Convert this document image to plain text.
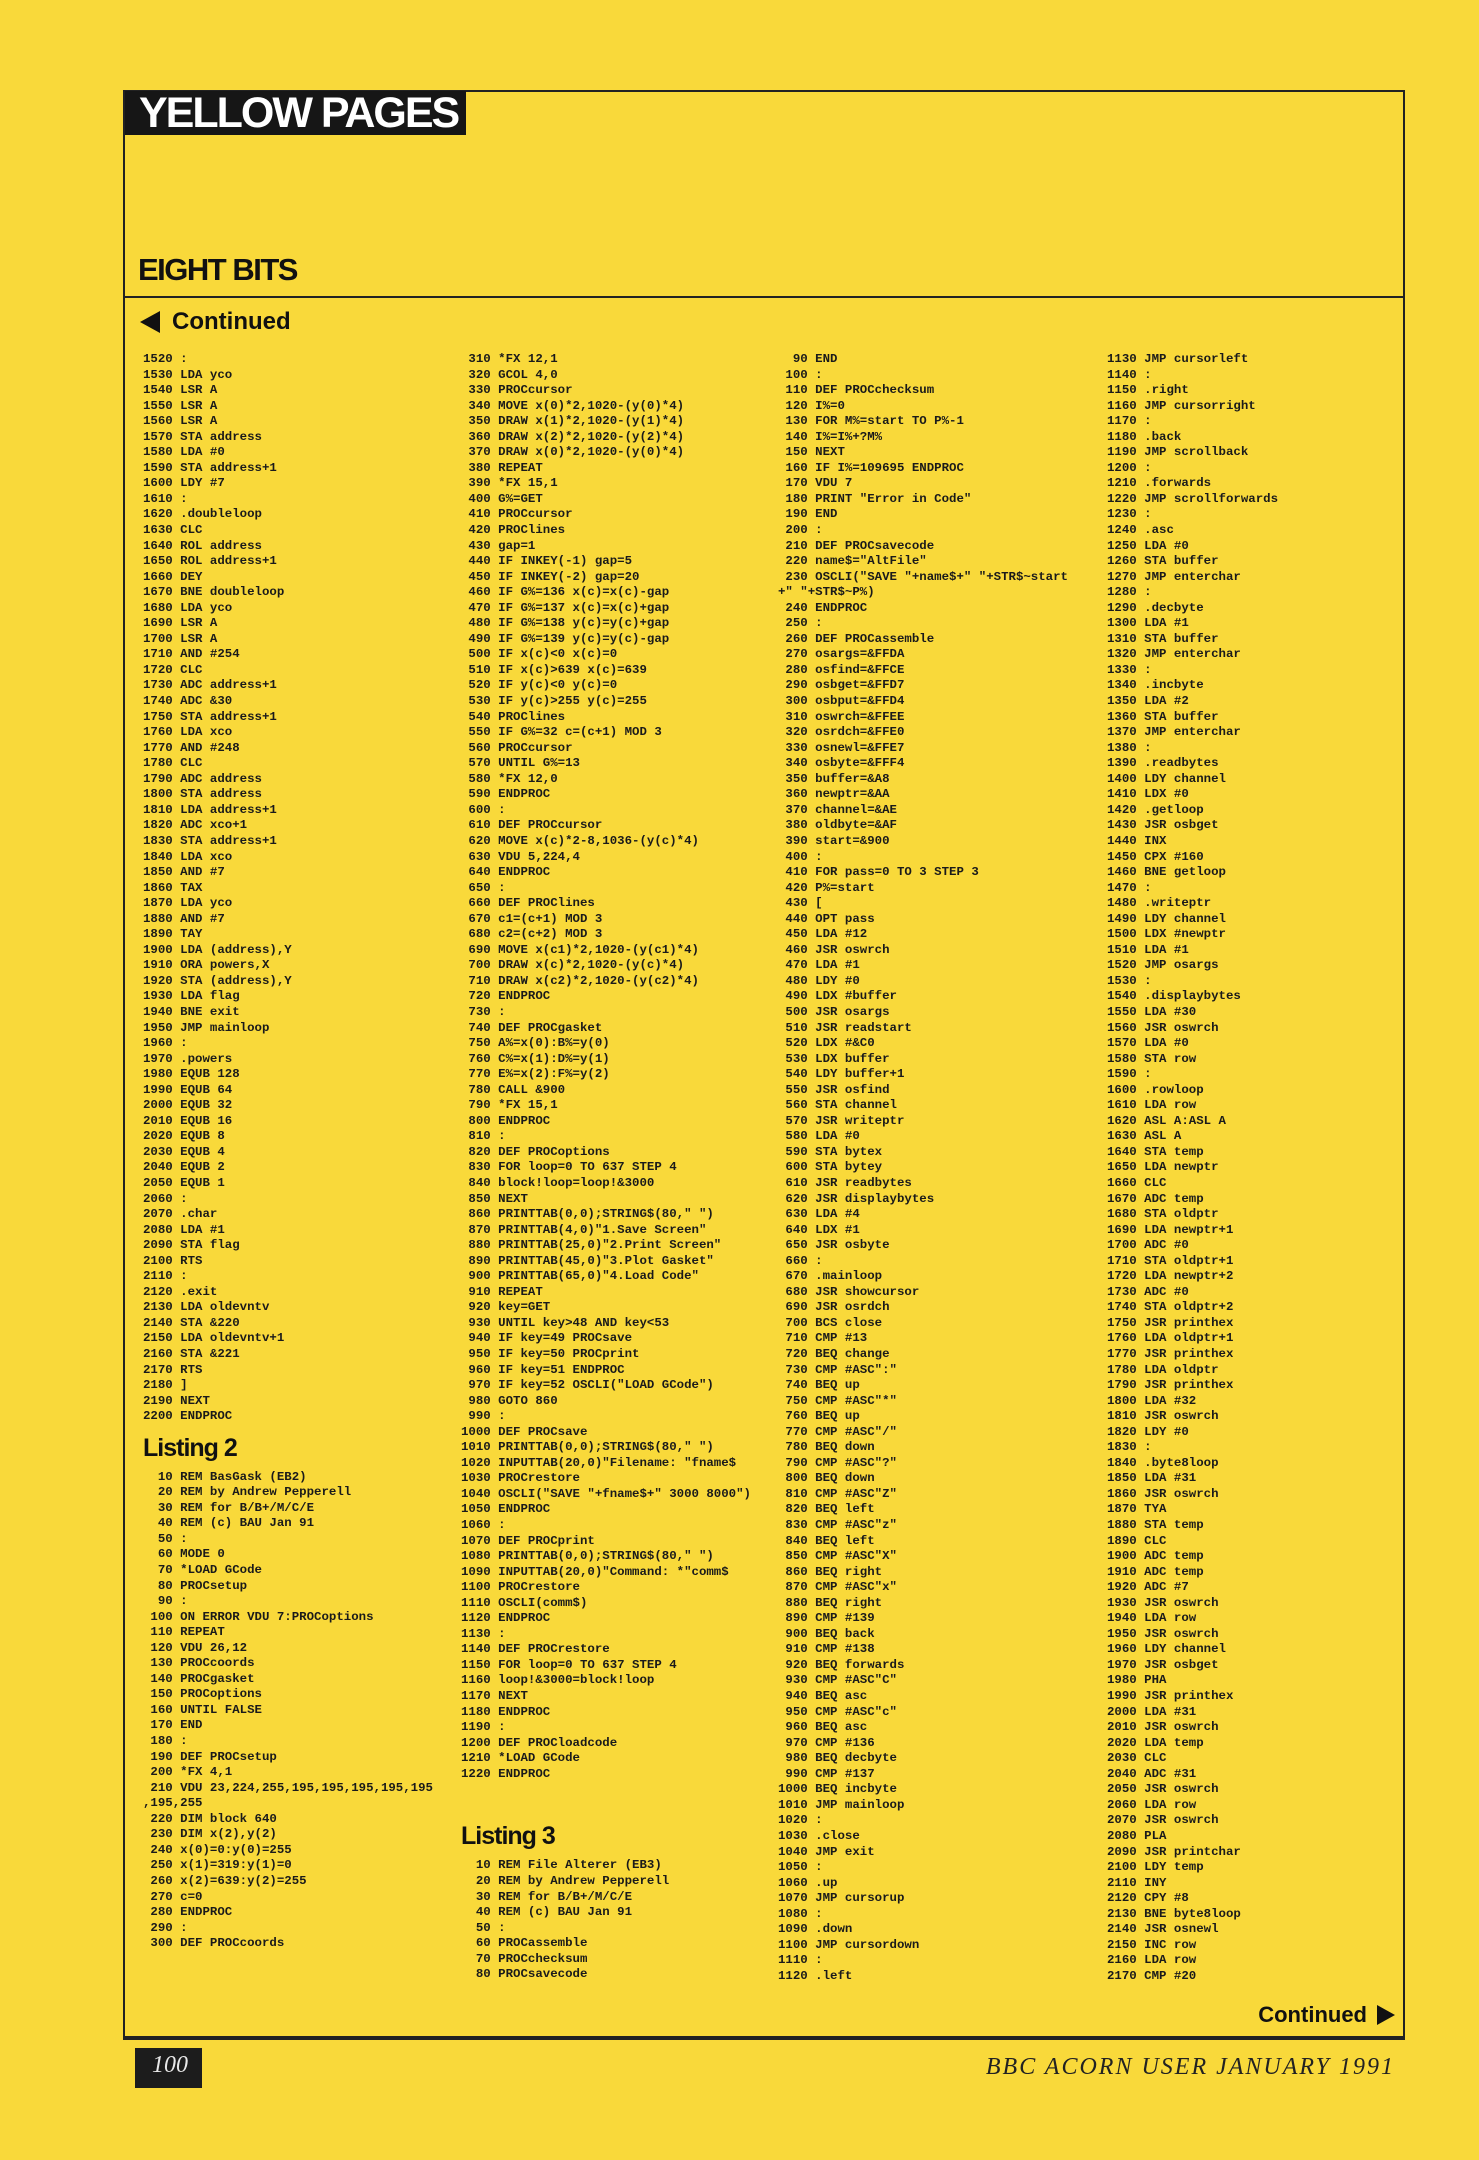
YELLOW PAGES
EIGHT BITS
Continued
1520 :
1530 LDA yco
1540 LSR A
1550 LSR A
1560 LSR A
1570 STA address
1580 LDA #0
1590 STA address+1
1600 LDY #7
1610 :
1620 .doubleloop
1630 CLC
1640 ROL address
1650 ROL address+1
1660 DEY
1670 BNE doubleloop
1680 LDA yco
1690 LSR A
1700 LSR A
1710 AND #254
1720 CLC
1730 ADC address+1
1740 ADC &30
1750 STA address+1
1760 LDA xco
1770 AND #248
1780 CLC
1790 ADC address
1800 STA address
1810 LDA address+1
1820 ADC xco+1
1830 STA address+1
1840 LDA xco
1850 AND #7
1860 TAX
1870 LDA yco
1880 AND #7
1890 TAY
1900 LDA (address),Y
1910 ORA powers,X
1920 STA (address),Y
1930 LDA flag
1940 BNE exit
1950 JMP mainloop
1960 :
1970 .powers
1980 EQUB 128
1990 EQUB 64
2000 EQUB 32
2010 EQUB 16
2020 EQUB 8
2030 EQUB 4
2040 EQUB 2
2050 EQUB 1
2060 :
2070 .char
2080 LDA #1
2090 STA flag
2100 RTS
2110 :
2120 .exit
2130 LDA oldevntv
2140 STA &220
2150 LDA oldevntv+1
2160 STA &221
2170 RTS
2180 ]
2190 NEXT
2200 ENDPROC
Listing 2
10 REM BasGask (EB2)
20 REM by Andrew Pepperell
30 REM for B/B+/M/C/E
40 REM (c) BAU Jan 91
50 :
60 MODE 0
70 *LOAD GCode
80 PROCsetup
90 :
100 ON ERROR VDU 7:PROCoptions
110 REPEAT
120 VDU 26,12
130 PROCcoords
140 PROCgasket
150 PROCoptions
160 UNTIL FALSE
170 END
180 :
190 DEF PROCsetup
200 *FX 4,1
210 VDU 23,224,255,195,195,195,195,195
,195,255
220 DIM block 640
230 DIM x(2),y(2)
240 x(0)=0:y(0)=255
250 x(1)=319:y(1)=0
260 x(2)=639:y(2)=255
270 c=0
280 ENDPROC
290 :
300 DEF PROCcoords
310 *FX 12,1
320 GCOL 4,0
330 PROCcursor
340 MOVE x(0)*2,1020-(y(0)*4)
350 DRAW x(1)*2,1020-(y(1)*4)
360 DRAW x(2)*2,1020-(y(2)*4)
370 DRAW x(0)*2,1020-(y(0)*4)
380 REPEAT
390 *FX 15,1
400 G%=GET
410 PROCcursor
420 PROClines
430 gap=1
440 IF INKEY(-1) gap=5
450 IF INKEY(-2) gap=20
460 IF G%=136 x(c)=x(c)-gap
470 IF G%=137 x(c)=x(c)+gap
480 IF G%=138 y(c)=y(c)+gap
490 IF G%=139 y(c)=y(c)-gap
500 IF x(c)<0 x(c)=0
510 IF x(c)>639 x(c)=639
520 IF y(c)<0 y(c)=0
530 IF y(c)>255 y(c)=255
540 PROClines
550 IF G%=32 c=(c+1) MOD 3
560 PROCcursor
570 UNTIL G%=13
580 *FX 12,0
590 ENDPROC
600 :
610 DEF PROCcursor
620 MOVE x(c)*2-8,1036-(y(c)*4)
630 VDU 5,224,4
640 ENDPROC
650 :
660 DEF PROClines
670 c1=(c+1) MOD 3
680 c2=(c+2) MOD 3
690 MOVE x(c1)*2,1020-(y(c1)*4)
700 DRAW x(c)*2,1020-(y(c)*4)
710 DRAW x(c2)*2,1020-(y(c2)*4)
720 ENDPROC
730 :
740 DEF PROCgasket
750 A%=x(0):B%=y(0)
760 C%=x(1):D%=y(1)
770 E%=x(2):F%=y(2)
780 CALL &900
790 *FX 15,1
800 ENDPROC
810 :
820 DEF PROCoptions
830 FOR loop=0 TO 637 STEP 4
840 block!loop=loop!&3000
850 NEXT
860 PRINTTAB(0,0);STRING$(80," ")
870 PRINTTAB(4,0)"1.Save Screen"
880 PRINTTAB(25,0)"2.Print Screen"
890 PRINTTAB(45,0)"3.Plot Gasket"
900 PRINTTAB(65,0)"4.Load Code"
910 REPEAT
920 key=GET
930 UNTIL key>48 AND key<53
940 IF key=49 PROCsave
950 IF key=50 PROCprint
960 IF key=51 ENDPROC
970 IF key=52 OSCLI("LOAD GCode")
980 GOTO 860
990 :
1000 DEF PROCsave
1010 PRINTTAB(0,0);STRING$(80," ")
1020 INPUTTAB(20,0)"Filename: "fname$
1030 PROCrestore
1040 OSCLI("SAVE "+fname$+" 3000 8000")
1050 ENDPROC
1060 :
1070 DEF PROCprint
1080 PRINTTAB(0,0);STRING$(80," ")
1090 INPUTTAB(20,0)"Command: *"comm$
1100 PROCrestore
1110 OSCLI(comm$)
1120 ENDPROC
1130 :
1140 DEF PROCrestore
1150 FOR loop=0 TO 637 STEP 4
1160 loop!&3000=block!loop
1170 NEXT
1180 ENDPROC
1190 :
1200 DEF PROCloadcode
1210 *LOAD GCode
1220 ENDPROC
Listing 3
10 REM File Alterer (EB3)
20 REM by Andrew Pepperell
30 REM for B/B+/M/C/E
40 REM (c) BAU Jan 91
50 :
60 PROCassemble
70 PROCchecksum
80 PROCsavecode
90 END
100 :
110 DEF PROCchecksum
120 I%=0
130 FOR M%=start TO P%-1
140 I%=I%+?M%
150 NEXT
160 IF I%=109695 ENDPROC
170 VDU 7
180 PRINT "Error in Code"
190 END
200 :
210 DEF PROCsavecode
220 name$="AltFile"
230 OSCLI("SAVE "+name$+" "+STR$~start
+" "+STR$~P%)
240 ENDPROC
250 :
260 DEF PROCassemble
270 osargs=&FFDA
280 osfind=&FFCE
290 osbget=&FFD7
300 osbput=&FFD4
310 oswrch=&FFEE
320 osrdch=&FFE0
330 osnewl=&FFE7
340 osbyte=&FFF4
350 buffer=&A8
360 newptr=&AA
370 channel=&AE
380 oldbyte=&AF
390 start=&900
400 :
410 FOR pass=0 TO 3 STEP 3
420 P%=start
430 [
440 OPT pass
450 LDA #12
460 JSR oswrch
470 LDA #1
480 LDY #0
490 LDX #buffer
500 JSR osargs
510 JSR readstart
520 LDX #&C0
530 LDX buffer
540 LDY buffer+1
550 JSR osfind
560 STA channel
570 JSR writeptr
580 LDA #0
590 STA bytex
600 STA bytey
610 JSR readbytes
620 JSR displaybytes
630 LDA #4
640 LDX #1
650 JSR osbyte
660 :
670 .mainloop
680 JSR showcursor
690 JSR osrdch
700 BCS close
710 CMP #13
720 BEQ change
730 CMP #ASC":"
740 BEQ up
750 CMP #ASC"*"
760 BEQ up
770 CMP #ASC"/"
780 BEQ down
790 CMP #ASC"?"
800 BEQ down
810 CMP #ASC"Z"
820 BEQ left
830 CMP #ASC"z"
840 BEQ left
850 CMP #ASC"X"
860 BEQ right
870 CMP #ASC"x"
880 BEQ right
890 CMP #139
900 BEQ back
910 CMP #138
920 BEQ forwards
930 CMP #ASC"C"
940 BEQ asc
950 CMP #ASC"c"
960 BEQ asc
970 CMP #136
980 BEQ decbyte
990 CMP #137
1000 BEQ incbyte
1010 JMP mainloop
1020 :
1030 .close
1040 JMP exit
1050 :
1060 .up
1070 JMP cursorup
1080 :
1090 .down
1100 JMP cursordown
1110 :
1120 .left
1130 JMP cursorleft
1140 :
1150 .right
1160 JMP cursorright
1170 :
1180 .back
1190 JMP scrollback
1200 :
1210 .forwards
1220 JMP scrollforwards
1230 :
1240 .asc
1250 LDA #0
1260 STA buffer
1270 JMP enterchar
1280 :
1290 .decbyte
1300 LDA #1
1310 STA buffer
1320 JMP enterchar
1330 :
1340 .incbyte
1350 LDA #2
1360 STA buffer
1370 JMP enterchar
1380 :
1390 .readbytes
1400 LDY channel
1410 LDX #0
1420 .getloop
1430 JSR osbget
1440 INX
1450 CPX #160
1460 BNE getloop
1470 :
1480 .writeptr
1490 LDY channel
1500 LDX #newptr
1510 LDA #1
1520 JMP osargs
1530 :
1540 .displaybytes
1550 LDA #30
1560 JSR oswrch
1570 LDA #0
1580 STA row
1590 :
1600 .rowloop
1610 LDA row
1620 ASL A:ASL A
1630 ASL A
1640 STA temp
1650 LDA newptr
1660 CLC
1670 ADC temp
1680 STA oldptr
1690 LDA newptr+1
1700 ADC #0
1710 STA oldptr+1
1720 LDA newptr+2
1730 ADC #0
1740 STA oldptr+2
1750 JSR printhex
1760 LDA oldptr+1
1770 JSR printhex
1780 LDA oldptr
1790 JSR printhex
1800 LDA #32
1810 JSR oswrch
1820 LDY #0
1830 :
1840 .byte8loop
1850 LDA #31
1860 JSR oswrch
1870 TYA
1880 STA temp
1890 CLC
1900 ADC temp
1910 ADC temp
1920 ADC #7
1930 JSR oswrch
1940 LDA row
1950 JSR oswrch
1960 LDY channel
1970 JSR osbget
1980 PHA
1990 JSR printhex
2000 LDA #31
2010 JSR oswrch
2020 LDA temp
2030 CLC
2040 ADC #31
2050 JSR oswrch
2060 LDA row
2070 JSR oswrch
2080 PLA
2090 JSR printchar
2100 LDY temp
2110 INY
2120 CPY #8
2130 BNE byte8loop
2140 JSR osnewl
2150 INC row
2160 LDA row
2170 CMP #20
Continued
100	BBC ACORN USER JANUARY 1991
